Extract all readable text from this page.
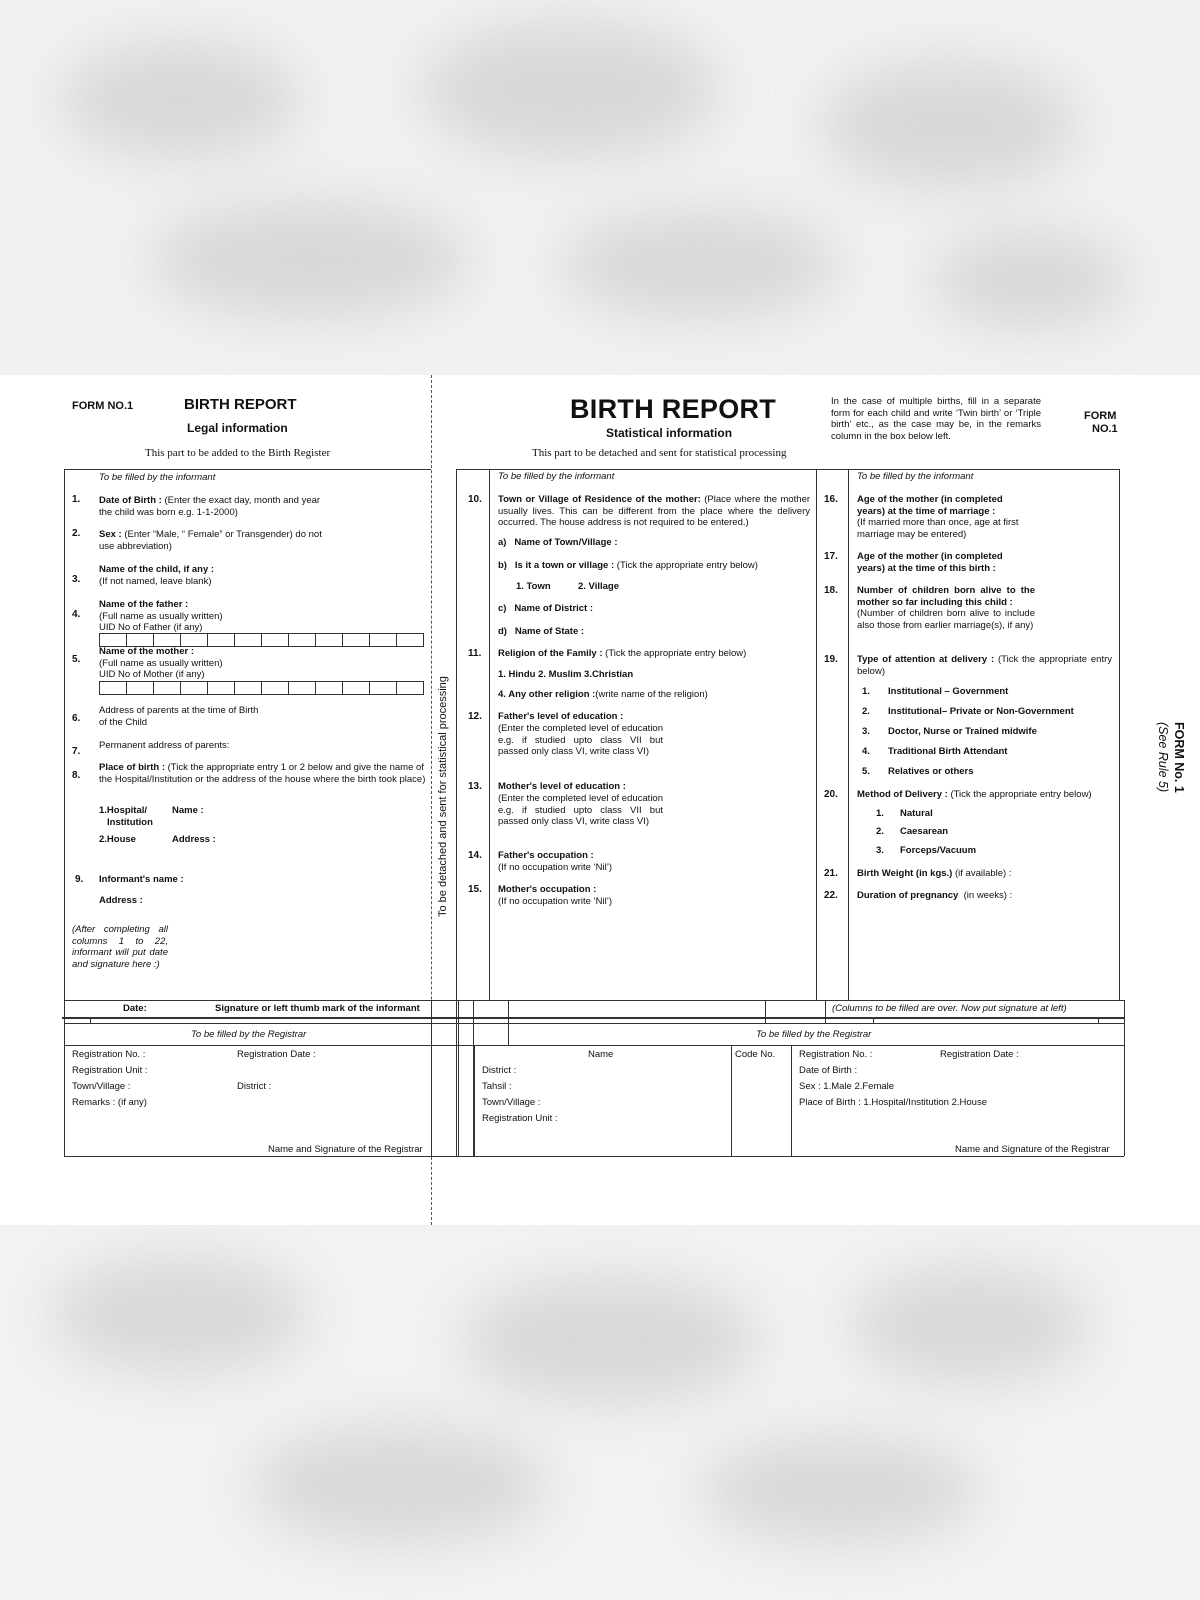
FORM NO.1	BIRTH REPORT
Legal information
This part to be added to the Birth Register
BIRTH REPORT
Statistical information
This part to be detached and sent for statistical processing
In the case of multiple births, fill in a separate form for each child and write ‘Twin birth’ or ‘Triple birth’ etc., as the case may be, in the remarks column in the box below left.
FORM
NO.1
To be filled by the informant
1. Date of Birth : (Enter the exact day, month and year the child was born e.g. 1-1-2000)
2. Sex : (Enter “Male, “ Female” or Transgender) do not use abbreviation)
3.
Name of the child, if any :
(If not named, leave blank)
4.
Name of the father :
(Full name as usually written)
UID No of Father (if any)
5.
Name of the mother :
(Full name as usually written)
UID No of Mother (if any)
6.
Address of parents at the time of Birth of the Child
7.
Permanent address of parents:
8.
Place of birth : (Tick the appropriate entry 1 or 2 below and give the name of the Hospital/Institution or the address of the house where the birth took place)
1.Hospital/
Institution
Name :
2.House	Address :
9. Informant's name :
Address :
(After completing all columns 1 to 22, informant will put date and signature here :)
Date:	Signature or left thumb mark of the informant
To be detached and sent for statistical processing
To be filled by the informant
10. Town or Village of Residence of the mother: (Place where the mother usually lives. This can be different from the place where the delivery occurred. The house address is not required to be entered.)
a) Name of Town/Village :
b) Is it a town or village : (Tick the appropriate entry below)
1. Town	2. Village
c) Name of District :
d) Name of State :
11. Religion of the Family : (Tick the appropriate entry below)
1. Hindu 2. Muslim 3.Christian
4. Any other religion :(write name of the religion)
12. Father's level of education :
(Enter the completed level of education e.g. if studied upto class VII but passed only class VI, write class VI)
13. Mother's level of education :
(Enter the completed level of education e.g. if studied upto class VII but passed only class VI, write class VI)
14. Father's occupation :
(If no occupation write ‘Nil’)
15. Mother's occupation :
(If no occupation write ‘Nil’)
To be filled by the informant
16. Age of the mother (in completed years) at the time of marriage :
(If married more than once, age at first marriage may be entered)
17. Age of the mother (in completed years) at the time of this birth :
18. Number of children born alive to the mother so far including this child :
(Number of children born alive to include also those from earlier marriage(s), if any)
19. Type of attention at delivery : (Tick the appropriate entry below)
1. Institutional – Government
2. Institutional– Private or Non-Government
3. Doctor, Nurse or Trained midwife
4. Traditional Birth Attendant
5. Relatives or others
20. Method of Delivery : (Tick the appropriate entry below)
1. Natural
2. Caesarean
3. Forceps/Vacuum
21. Birth Weight (in kgs.) (if available) :
22. Duration of pregnancy (in weeks) :
(Columns to be filled are over. Now put signature at left)
To be filled by the Registrar	To be filled by the Registrar
Registration No. :	Registration Date :
Registration Unit :
Town/Village :	District :
Remarks : (if any)
Name and Signature of the Registrar
Name	Code No.
District :
Tahsil :
Town/Village :
Registration Unit :
Registration No. :	Registration Date :
Date of Birth :
Sex : 1.Male 2.Female
Place of Birth : 1.Hospital/Institution 2.House
Name and Signature of the Registrar
FORM No. 1
(See Rule 5)
